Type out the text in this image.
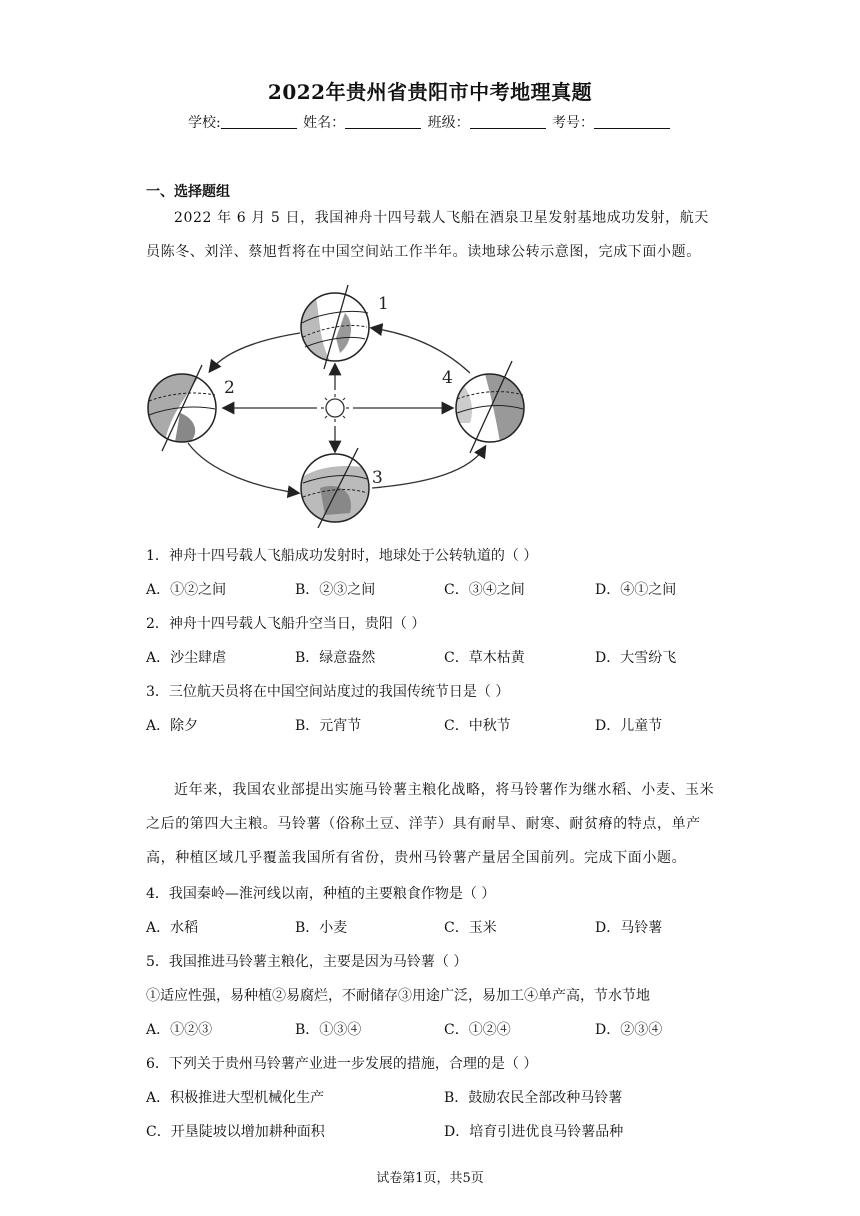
2022年贵州省贵阳市中考地理真题
学校:	姓名：	班级：	考号：
一、选择题组
2022 年 6 月 5 日，我国神舟十四号载人飞船在酒泉卫星发射基地成功发射，航天员陈冬、刘洋、蔡旭哲将在中国空间站工作半年。读地球公转示意图，完成下面小题。
1
2
3
4
1．神舟十四号载人飞船成功发射时，地球处于公转轨道的（ ）
A．①②之间	B．②③之间	C．③④之间	D．④①之间
2．神舟十四号载人飞船升空当日，贵阳（ ）
A．沙尘肆虐	B．绿意盎然	C．草木枯黄	D．大雪纷飞
3．三位航天员将在中国空间站度过的我国传统节日是（ ）
A．除夕	B．元宵节	C．中秋节	D．儿童节
近年来，我国农业部提出实施马铃薯主粮化战略，将马铃薯作为继水稻、小麦、玉米之后的第四大主粮。马铃薯（俗称土豆、洋芋）具有耐旱、耐寒、耐贫瘠的特点，单产高，种植区域几乎覆盖我国所有省份，贵州马铃薯产量居全国前列。完成下面小题。
4．我国秦岭—淮河线以南，种植的主要粮食作物是（ ）
A．水稻	B．小麦	C．玉米	D．马铃薯
5．我国推进马铃薯主粮化，主要是因为马铃薯（ ）
①适应性强，易种植②易腐烂，不耐储存③用途广泛，易加工④单产高，节水节地
A．①②③	B．①③④	C．①②④	D．②③④
6．下列关于贵州马铃薯产业进一步发展的措施，合理的是（ ）
A．积极推进大型机械化生产	B．鼓励农民全部改种马铃薯
C．开垦陡坡以增加耕种面积	D．培育引进优良马铃薯品种
试卷第1页，共5页
